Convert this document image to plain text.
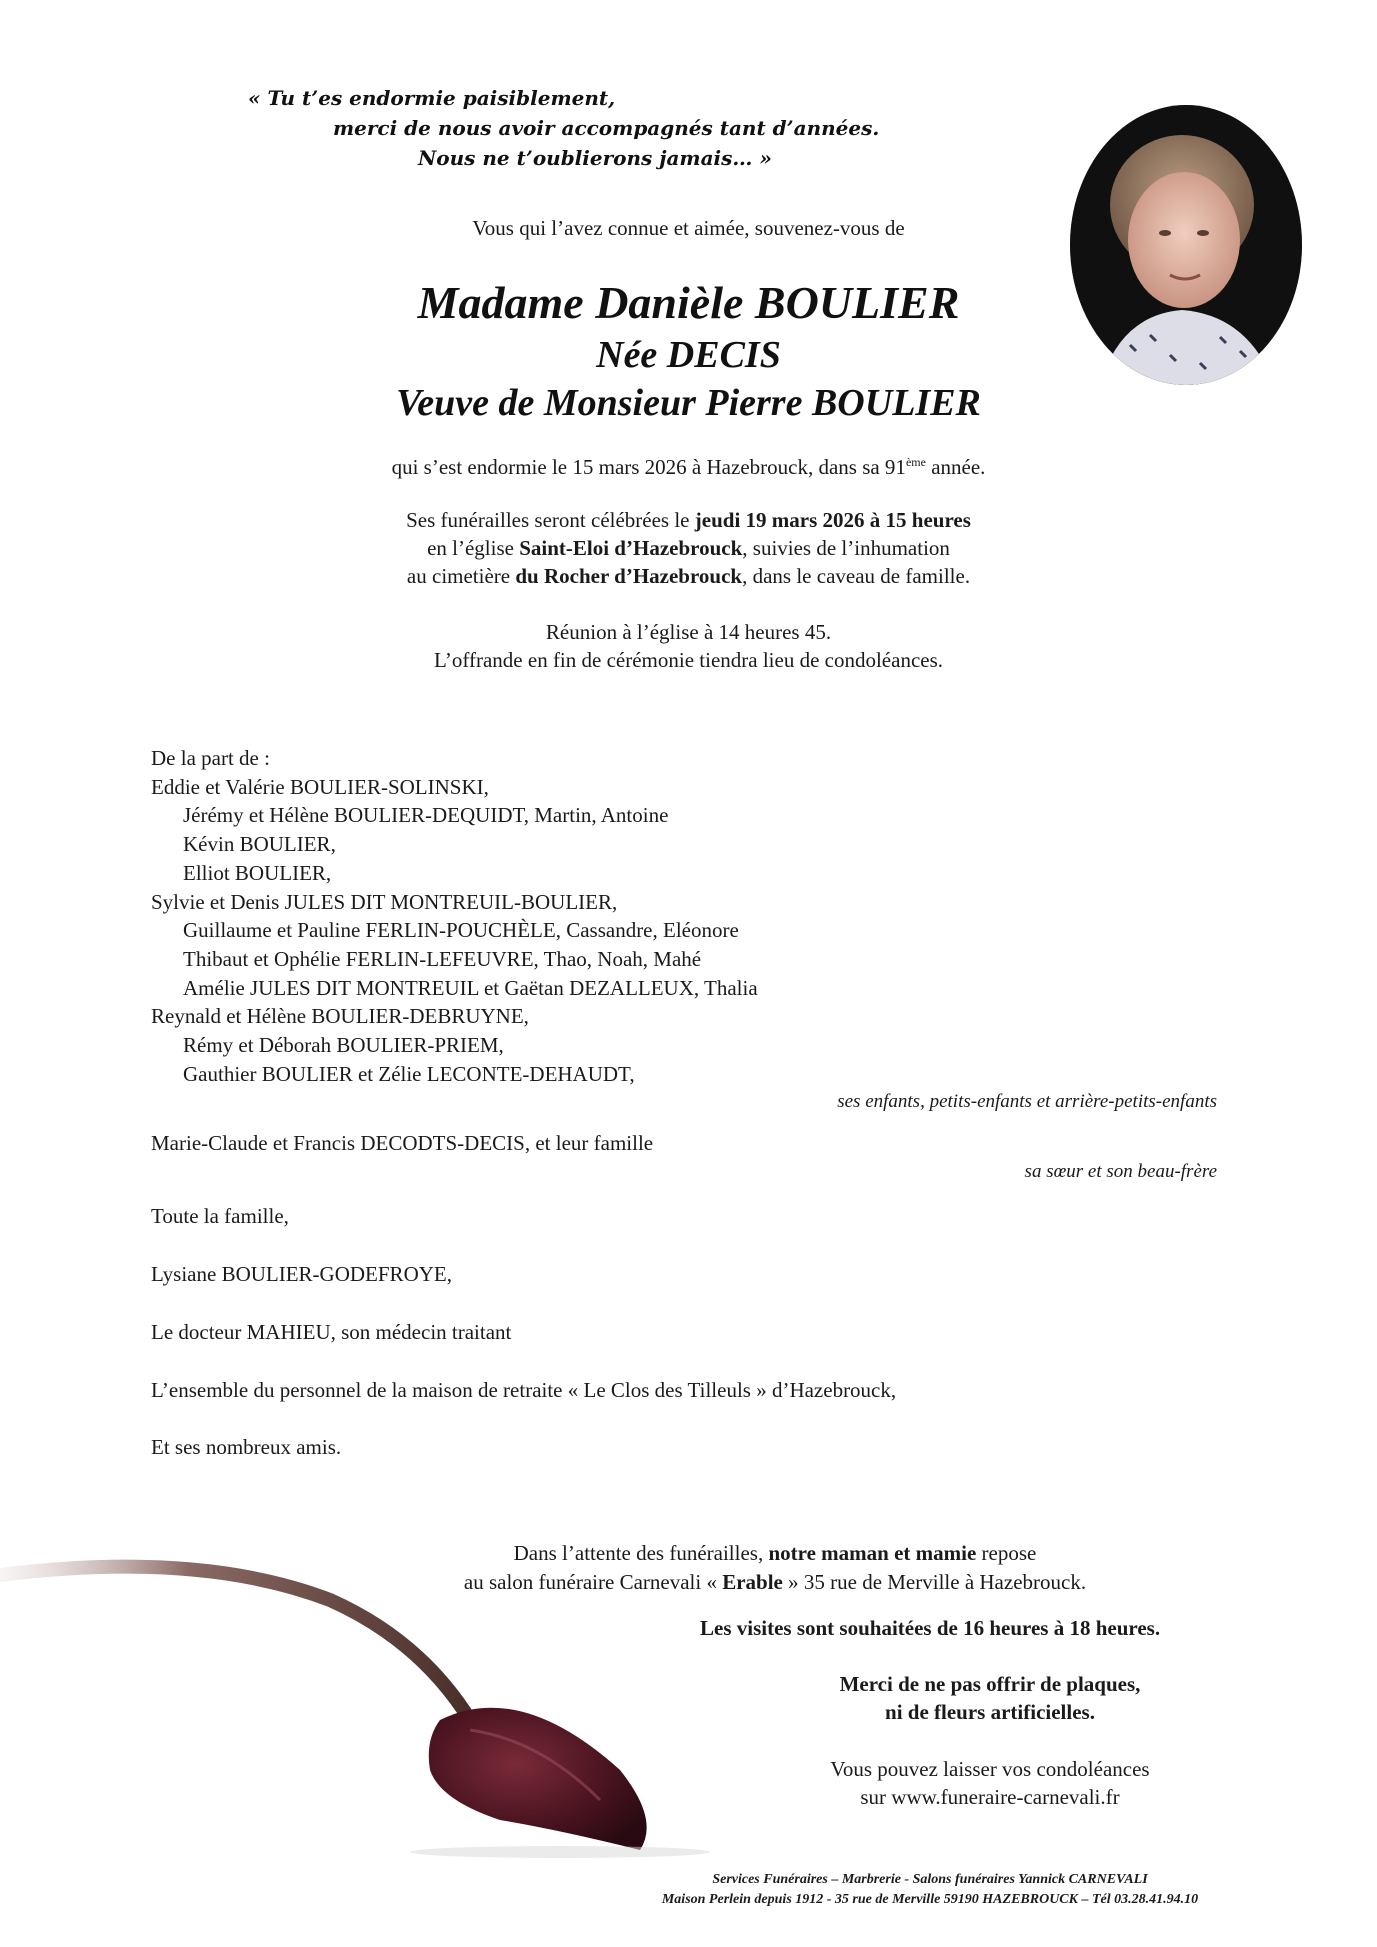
« Tu t’es endormie paisiblement,
merci de nous avoir accompagnés tant d’années.
Nous ne t’oublierons jamais… »
Vous qui l’avez connue et aimée, souvenez-vous de
Madame Danièle BOULIER
Née DECIS
Veuve de Monsieur Pierre BOULIER
qui s’est endormie le 15 mars 2026 à Hazebrouck, dans sa 91ème année.
Ses funérailles seront célébrées le jeudi 19 mars 2026 à 15 heures
en l’église Saint-Eloi d’Hazebrouck, suivies de l’inhumation
au cimetière du Rocher d’Hazebrouck, dans le caveau de famille.
Réunion à l’église à 14 heures 45.
L’offrande en fin de cérémonie tiendra lieu de condoléances.
De la part de :
Eddie et Valérie BOULIER-SOLINSKI,
Jérémy et Hélène BOULIER-DEQUIDT, Martin, Antoine
Kévin BOULIER,
Elliot BOULIER,
Sylvie et Denis JULES DIT MONTREUIL-BOULIER,
Guillaume et Pauline FERLIN-POUCHÈLE, Cassandre, Eléonore
Thibaut et Ophélie FERLIN-LEFEUVRE, Thao, Noah, Mahé
Amélie JULES DIT MONTREUIL et Gaëtan DEZALLEUX, Thalia
Reynald et Hélène BOULIER-DEBRUYNE,
Rémy et Déborah BOULIER-PRIEM,
Gauthier BOULIER et Zélie LECONTE-DEHAUDT,
ses enfants, petits-enfants et arrière-petits-enfants
Marie-Claude et Francis DECODTS-DECIS, et leur famille
sa sœur et son beau-frère
Toute la famille,
Lysiane BOULIER-GODEFROYE,
Le docteur MAHIEU, son médecin traitant
L’ensemble du personnel de la maison de retraite « Le Clos des Tilleuls » d’Hazebrouck,
Et ses nombreux amis.
Dans l’attente des funérailles, notre maman et mamie repose
au salon funéraire Carnevali « Erable » 35 rue de Merville à Hazebrouck.
Les visites sont souhaitées de 16 heures à 18 heures.
Merci de ne pas offrir de plaques,
ni de fleurs artificielles.
Vous pouvez laisser vos condoléances
sur www.funeraire-carnevali.fr
Services Funéraires – Marbrerie - Salons funéraires Yannick CARNEVALI
Maison Perlein depuis 1912 - 35 rue de Merville 59190 HAZEBROUCK – Tél 03.28.41.94.10
